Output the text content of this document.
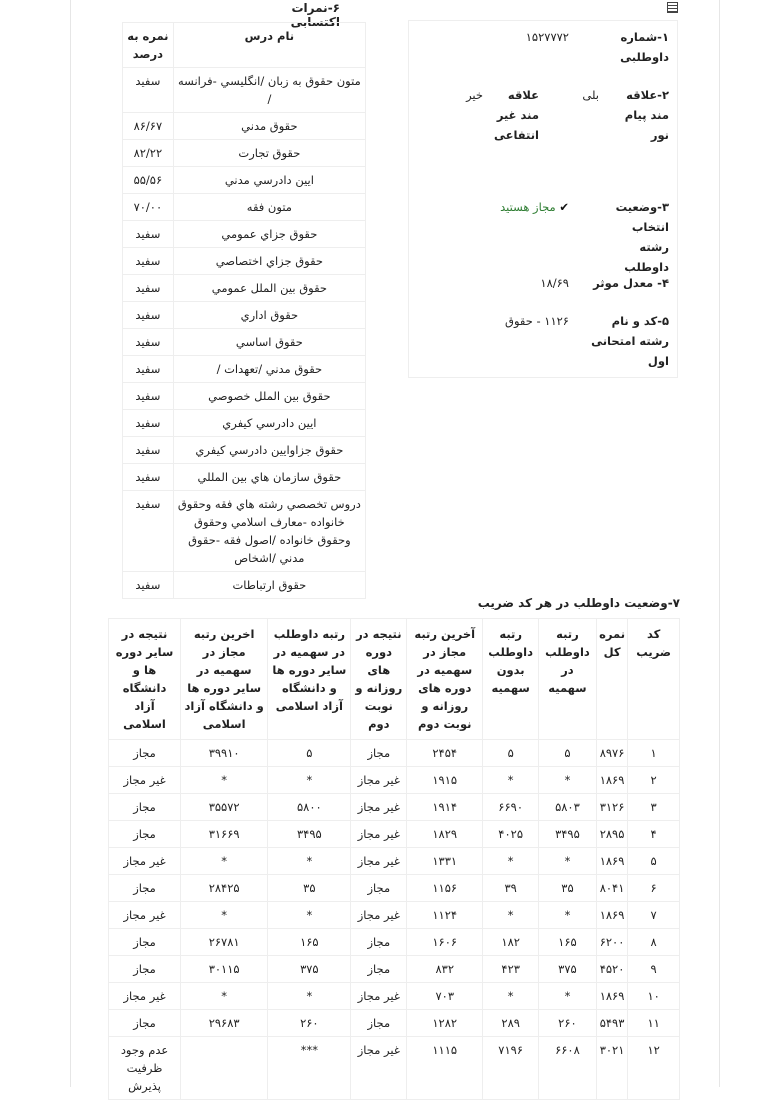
۶-نمرات اکتسابی
نام درس	نمره به درصد
متون حقوق به زبان /انگليسي -فرانسه /	سفید
حقوق مدني	۸۶/۶۷
حقوق تجارت	۸۲/۲۲
ايين دادرسي مدني	۵۵/۵۶
متون فقه	۷۰/۰۰
حقوق جزاي عمومي	سفید
حقوق جزاي اختصاصي	سفید
حقوق بين الملل عمومي	سفید
حقوق اداري	سفید
حقوق اساسي	سفید
حقوق مدني /تعهدات /	سفید
حقوق بين الملل خصوصي	سفید
ايين دادرسي كيفري	سفید
حقوق جزاوايين دادرسي كيفري	سفید
حقوق سازمان هاي بين المللي	سفید
دروس تخصصي رشته هاي فقه وحقوق خانواده -معارف اسلامي وحقوق وحقوق خانواده /اصول فقه -حقوق مدني /اشخاص	سفید
حقوق ارتباطات	سفید
۱-شماره داوطلبی
۱۵۲۷۷۷۲
۲-علاقه مند پیام نور
بلی
علاقه مند غیر انتفاعی
خیر
۳-وضعیت انتخاب رشته داوطلب
✔ مجاز هستید
۴- معدل موثر
۱۸/۶۹
۵-کد و نام رشته امتحانی اول
۱۱۲۶ - حقوق
۷-وضعیت داوطلب در هر کد ضریب
کد ضریب	نمره کل	رتبه داوطلب در سهمیه	رتبه داوطلب بدون سهمیه	آخرین رتبه مجاز در سهمیه در دوره های روزانه و نوبت دوم	نتیجه در دوره های روزانه و نوبت دوم	رتبه داوطلب در سهمیه در سایر دوره ها و دانشگاه آزاد اسلامی	اخرین رتبه مجاز در سهمیه در سایر دوره ها و دانشگاه آزاد اسلامی	نتیجه در سایر دوره ها و دانشگاه آزاد اسلامی
۱	۸۹۷۶	۵	۵	۲۴۵۴	مجاز	۵	۳۹۹۱۰	مجاز
۲	۱۸۶۹	*	*	۱۹۱۵	غیر مجاز	*	*	غیر مجاز
۳	۳۱۲۶	۵۸۰۳	۶۶۹۰	۱۹۱۴	غیر مجاز	۵۸۰۰	۳۵۵۷۲	مجاز
۴	۲۸۹۵	۳۴۹۵	۴۰۲۵	۱۸۲۹	غیر مجاز	۳۴۹۵	۳۱۶۶۹	مجاز
۵	۱۸۶۹	*	*	۱۳۳۱	غیر مجاز	*	*	غیر مجاز
۶	۸۰۴۱	۳۵	۳۹	۱۱۵۶	مجاز	۳۵	۲۸۴۲۵	مجاز
۷	۱۸۶۹	*	*	۱۱۲۴	غیر مجاز	*	*	غیر مجاز
۸	۶۲۰۰	۱۶۵	۱۸۲	۱۶۰۶	مجاز	۱۶۵	۲۶۷۸۱	مجاز
۹	۴۵۲۰	۳۷۵	۴۲۳	۸۳۲	مجاز	۳۷۵	۳۰۱۱۵	مجاز
۱۰	۱۸۶۹	*	*	۷۰۳	غیر مجاز	*	*	غیر مجاز
۱۱	۵۴۹۳	۲۶۰	۲۸۹	۱۲۸۲	مجاز	۲۶۰	۲۹۶۸۳	مجاز
۱۲	۳۰۲۱	۶۶۰۸	۷۱۹۶	۱۱۱۵	غیر مجاز	***		عدم وجود ظرفیت پذیرش
